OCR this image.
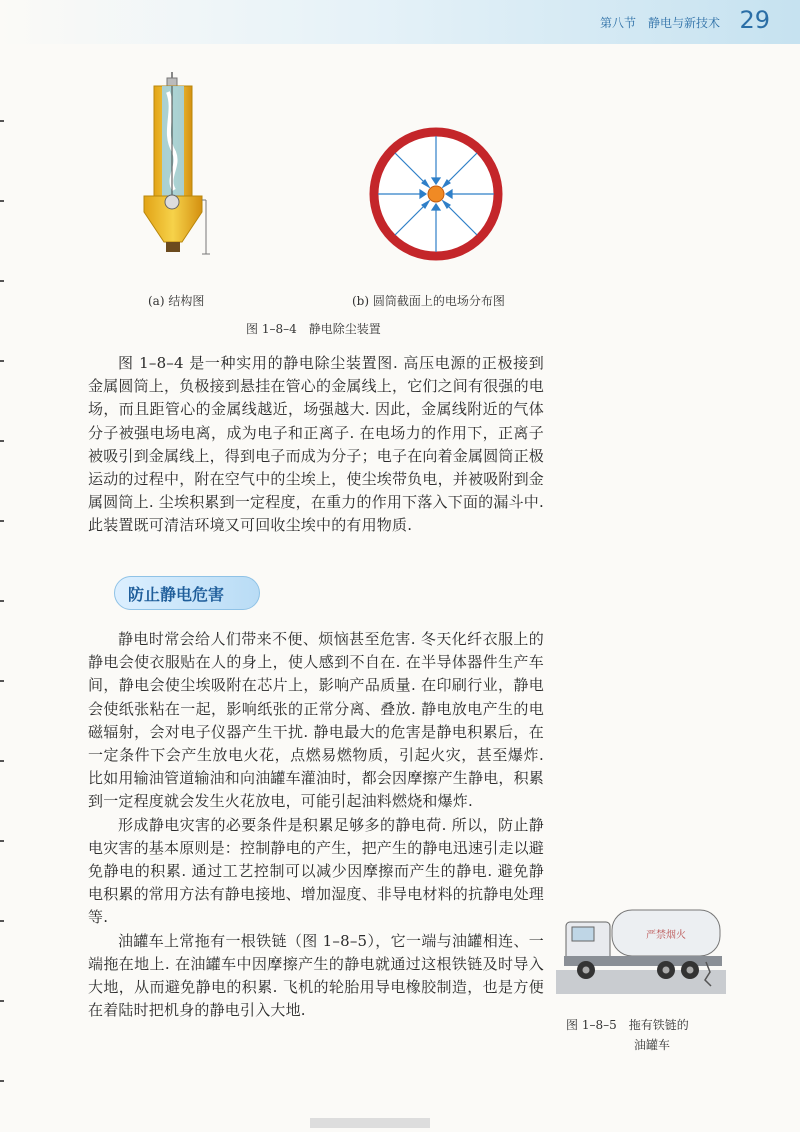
第八节　静电与新技术 29
(a) 结构图	(b) 圆筒截面上的电场分布图
图 1–8–4　静电除尘装置

图 1–8–4 是一种实用的静电除尘装置图. 高压电源的正极接到金属圆筒上，负极接到悬挂在管心的金属线上，它们之间有很强的电场，而且距管心的金属线越近，场强越大. 因此，金属线附近的气体分子被强电场电离，成为电子和正离子. 在电场力的作用下，正离子被吸引到金属线上，得到电子而成为分子；电子在向着金属圆筒正极运动的过程中，附在空气中的尘埃上，使尘埃带负电，并被吸附到金属圆筒上. 尘埃积累到一定程度，在重力的作用下落入下面的漏斗中. 此装置既可清洁环境又可回收尘埃中的有用物质.

防止静电危害

静电时常会给人们带来不便、烦恼甚至危害. 冬天化纤衣服上的静电会使衣服贴在人的身上，使人感到不自在. 在半导体器件生产车间，静电会使尘埃吸附在芯片上，影响产品质量. 在印刷行业，静电会使纸张粘在一起，影响纸张的正常分离、叠放. 静电放电产生的电磁辐射，会对电子仪器产生干扰. 静电最大的危害是静电积累后，在一定条件下会产生放电火花，点燃易燃物质，引起火灾，甚至爆炸. 比如用输油管道输油和向油罐车灌油时，都会因摩擦产生静电，积累到一定程度就会发生火花放电，可能引起油料燃烧和爆炸.

形成静电灾害的必要条件是积累足够多的静电荷. 所以，防止静电灾害的基本原则是：控制静电的产生，把产生的静电迅速引走以避免静电的积累. 通过工艺控制可以减少因摩擦而产生的静电. 避免静电积累的常用方法有静电接地、增加湿度、非导电材料的抗静电处理等.

油罐车上常拖有一根铁链（图 1–8–5），它一端与油罐相连、一端拖在地上. 在油罐车中因摩擦产生的静电就通过这根铁链及时导入大地，从而避免静电的积累. 飞机的轮胎用导电橡胶制造，也是方便在着陆时把机身的静电引入大地.

严禁烟火
图 1–8–5　拖有铁链的
油罐车
